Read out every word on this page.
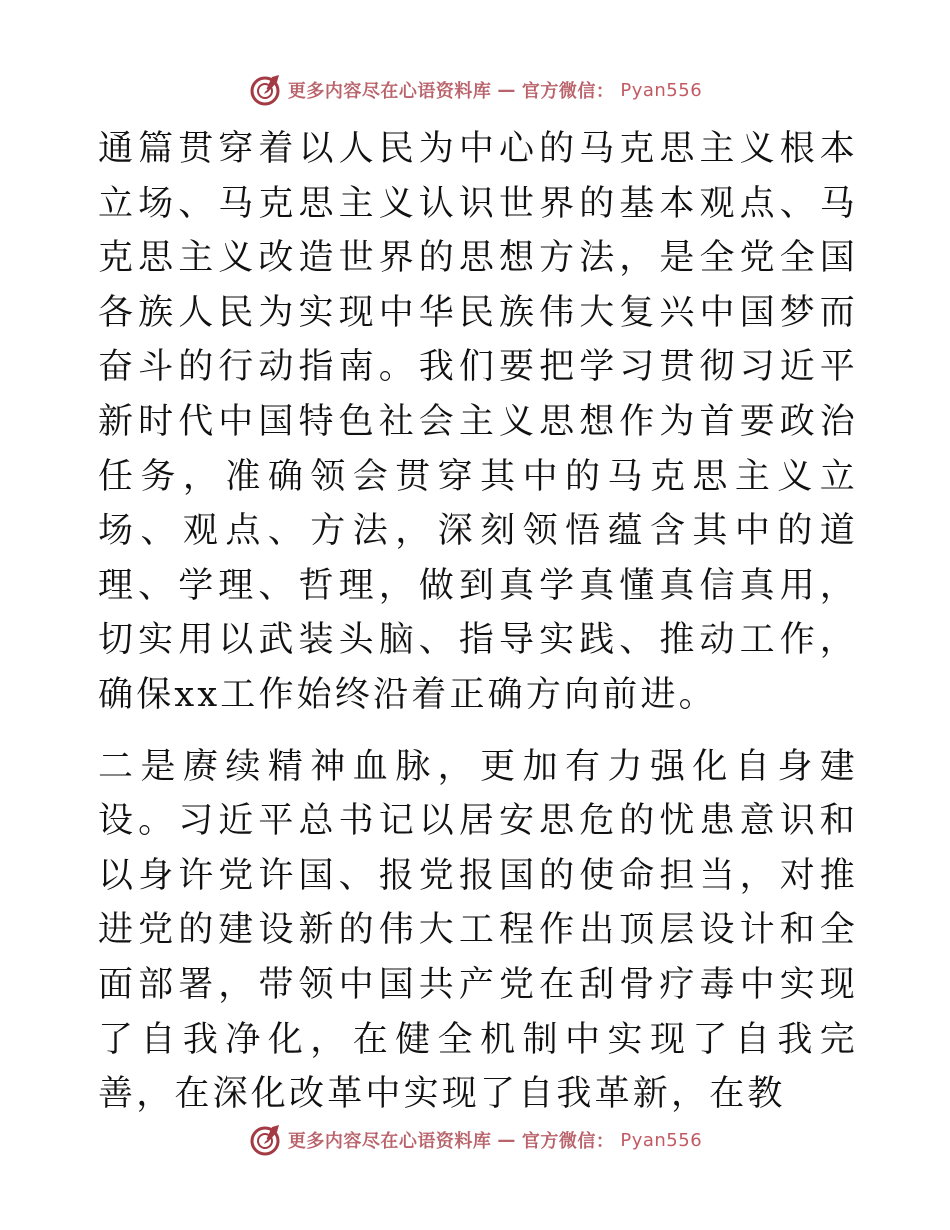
更多内容尽在心语资料库 — 官方微信： Pyan556

通篇贯穿着以人民为中心的马克思主义根本立场、马克思主义认识世界的基本观点、马克思主义改造世界的思想方法，是全党全国各族人民为实现中华民族伟大复兴中国梦而奋斗的行动指南。我们要把学习贯彻习近平新时代中国特色社会主义思想作为首要政治任务，准确领会贯穿其中的马克思主义立场、观点、方法，深刻领悟蕴含其中的道理、学理、哲理，做到真学真懂真信真用，切实用以武装头脑、指导实践、推动工作，确保xx工作始终沿着正确方向前进。

二是赓续精神血脉，更加有力强化自身建设。习近平总书记以居安思危的忧患意识和以身许党许国、报党报国的使命担当，对推进党的建设新的伟大工程作出顶层设计和全面部署，带领中国共产党在刮骨疗毒中实现了自我净化，在健全机制中实现了自我完善，在深化改革中实现了自我革新，在教

更多内容尽在心语资料库 — 官方微信： Pyan556
